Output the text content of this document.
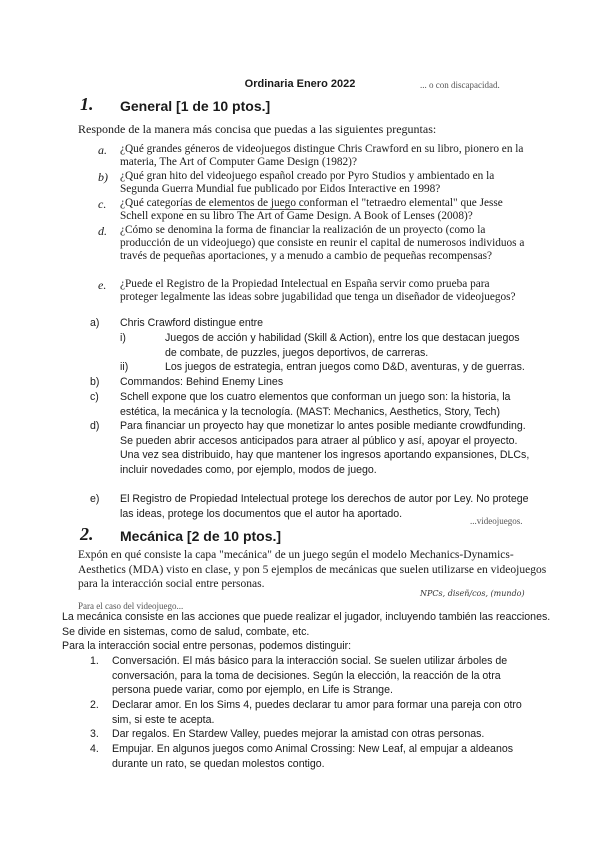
... o con discapacidad.
Ordinaria Enero 2022
1. General [1 de 10 ptos.]
Responde de la manera más concisa que puedas a las siguientes preguntas:
a. ¿Qué grandes géneros de videojuegos distingue Chris Crawford en su libro, pionero en la materia, The Art of Computer Game Design (1982)?
b) ¿Qué gran hito del videojuego español creado por Pyro Studios y ambientado en la Segunda Guerra Mundial fue publicado por Eidos Interactive en 1998?
c. ¿Qué categorías de elementos de juego conforman el "tetraedro elemental" que Jesse Schell expone en su libro The Art of Game Design. A Book of Lenses (2008)?
d. ¿Cómo se denomina la forma de financiar la realización de un proyecto (como la producción de un videojuego) que consiste en reunir el capital de numerosos individuos a través de pequeñas aportaciones, y a menudo a cambio de pequeñas recompensas?
e. ¿Puede el Registro de la Propiedad Intelectual en España servir como prueba para proteger legalmente las ideas sobre jugabilidad que tenga un diseñador de videojuegos?
a)	Chris Crawford distingue entre
i)	Juegos de acción y habilidad (Skill & Action), entre los que destacan juegos de combate, de puzzles, juegos deportivos, de carreras.
ii)	Los juegos de estrategia, entran juegos como D&D, aventuras, y de guerras.
b)	Commandos: Behind Enemy Lines
c)	Schell expone que los cuatro elementos que conforman un juego son: la historia, la estética, la mecánica y la tecnología. (MAST: Mechanics, Aesthetics, Story, Tech)
d)	Para financiar un proyecto hay que monetizar lo antes posible mediante crowdfunding. Se pueden abrir accesos anticipados para atraer al público y así, apoyar el proyecto. Una vez sea distribuido, hay que mantener los ingresos aportando expansiones, DLCs, incluir novedades como, por ejemplo, modos de juego.
e)	El Registro de Propiedad Intelectual protege los derechos de autor por Ley. No protege las ideas, protege los documentos que el autor ha aportado.
...videojuegos.
2. Mecánica [2 de 10 ptos.]
Expón en qué consiste la capa "mecánica" de un juego según el modelo Mechanics-Dynamics-Aesthetics (MDA) visto en clase, y pon 5 ejemplos de mecánicas que suelen utilizarse en videojuegos para la interacción social entre personas.
NPCs, diseñ/cos, (mundo)
Para el caso del videojuego...
La mecánica consiste en las acciones que puede realizar el jugador, incluyendo también las reacciones. Se divide en sistemas, como de salud, combate, etc.
Para la interacción social entre personas, podemos distinguir:
1.	Conversación. El más básico para la interacción social. Se suelen utilizar árboles de conversación, para la toma de decisiones. Según la elección, la reacción de la otra persona puede variar, como por ejemplo, en Life is Strange.
2.	Declarar amor. En los Sims 4, puedes declarar tu amor para formar una pareja con otro sim, si este te acepta.
3.	Dar regalos. En Stardew Valley, puedes mejorar la amistad con otras personas.
4.	Empujar. En algunos juegos como Animal Crossing: New Leaf, al empujar a aldeanos durante un rato, se quedan molestos contigo.
